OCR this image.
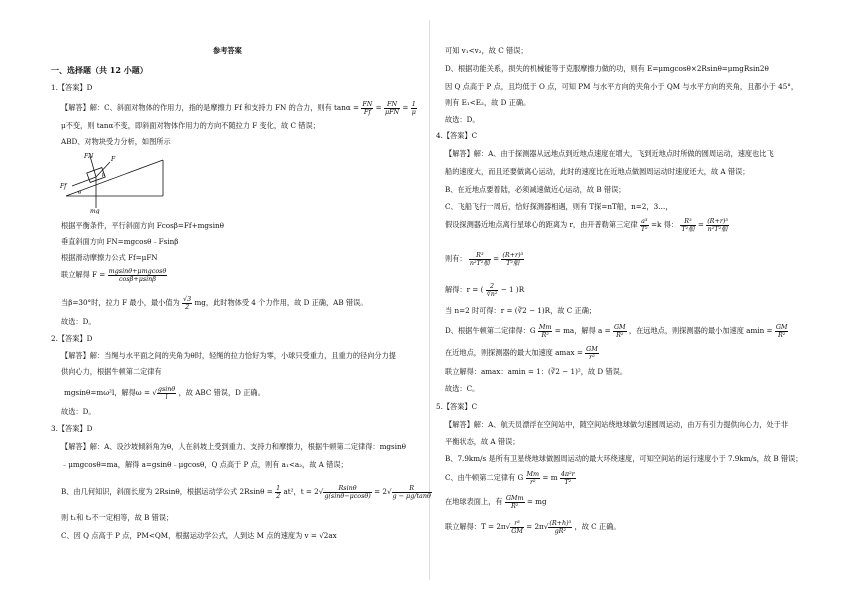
参考答案
一、选择题（共 12 小题）
1.【答案】D
【解答】解：C、斜面对物体的作用力，指的是摩擦力 Ff 和支持力 FN 的合力，则有 $\tan\alpha = \frac{FN}{Ff} = \frac{FN}{\text{μFN}} = \frac{1}{\mu}$
μ不变，则 tanα不变，即斜面对物体作用力的方向不随拉力 F 变化，故 C 错误；
ABD、对物块受力分析，如图所示
FN	F
Ff
β
θ
mg
根据平衡条件，平行斜面方向 Fcosβ=Ff+mgsinθ
垂直斜面方向 FN=mgcosθ﹣Fsinβ
根据滑动摩擦力公式 Ff=μFN
联立解得 $F = \frac{\text{mgsinθ+μmgcosθ}}{\cos\beta+\mu\sin\beta}$
当β=30°时，拉力 F 最小，最小值为 $\frac{√3}{2}$ mg，此时物体受 4 个力作用，故 D 正确，AB 错误。
故选：D。
2.【答案】D
【解答】解：当绳与水平面之间的夹角为θ时，轻绳的拉力恰好为零，小球只受重力，且重力的径向分力提
供向心力，根据牛顿第二定律有
mgsinθ=mω²l，解得ω = √ $\frac{gsin\theta}{l}$ ，故 ABC 错误，D 正确。
故选：D。
3.【答案】D
【解答】解：A、设沙坡倾斜角为θ，人在斜坡上受到重力、支持力和摩擦力，根据牛顿第二定律得：mgsinθ
﹣μmgcosθ=ma，解得 a=gsinθ﹣μgcosθ，Q 点高于 P 点，则有 a₁<a₂，故 A 错误；
B、由几何知识，斜面长度为 2Rsinθ，根据运动学公式 $2Rsin\theta = \frac{1}{2} at^2$，$t = 2√ \frac{Rsin\theta}{g(\sin\theta-\mu\cos\theta)} = 2√ \frac{R}{g - \mu g/\tan\theta}$
则 t₁和 t₂不一定相等，故 B 错误；
C、因 Q 点高于 P 点，PM<QM，根据运动学公式，人到达 M 点的速度为 v = √2ax
可知 v₁<v₂，故 C 错误；
D、根据功能关系，损失的机械能等于克服摩擦力做的功，则有 E=μmgcosθ×2Rsinθ=μmgRsin2θ
因 Q 点高于 P 点，且均低于 O 点，可知 PM 与水平方向的夹角小于 QM 与水平方向的夹角，且都小于 45°，
则有 E₁<E₂，故 D 正确。
故选：D。
4.【答案】C
【解答】解：A、由于探测器从远地点到近地点速度在增大，飞到近地点时所做的圆周运动，速度也比飞
船的速度大，而且还要做离心运动，此时的速度比在近地点做圆周运动时速度还大，故 A 错误；
B、在近地点要着陆，必须减速做近心运动，故 B 错误；
C、飞船飞行一周后，恰好探测器相遇，则有 T探=nT船，n=2，3…，
假设探测器近地点离行星球心的距离为 r，由开普勒第三定律 $\frac{\text{a³}}{\text{T²}} =k$ 得： $\frac{\text{R³}}{\text{T²船}} = \frac{\text{(R+r)³}}{\text{n²T²船}}$
则有： $\frac{\text{R³}}{\text{n²T²船}} = \frac{\text{(R+r)³}}{\text{T²船}}$
解得：r = ( $\frac{2}{\text{∛n²}} - 1$ )R
当 n=2 时可得：r = (∛2 − 1)R，故 C 正确；
D、根据牛顿第二定律得：G $\frac{Mm}{\text{R²}}$ = ma，解得 $a = \frac{GM}{\text{R²}}$ ，在远地点，则探测器的最小加速度 $amin = \frac{GM}{\text{R²}}$
在近地点，则探测器的最大加速度 $amax = \frac{GM}{\text{r²}}$
联立解得：amax：amin = 1：(∛2 − 1)²，故 D 错误。
故选：C。
5.【答案】C
【解答】解：A、航天员漂浮在空间站中，随空间站绕地球做匀速圆周运动，由万有引力提供向心力，处于非
平衡状态，故 A 错误；
B、7.9km/s 是所有卫星绕地球做圆周运动的最大环绕速度，可知空间站的运行速度小于 7.9km/s，故 B 错误；
C、由牛顿第二定律有 G $\frac{Mm}{\text{r²}} = m \frac{\text{4π²r}}{\text{T²}}$
在地球表面上，有 $\frac{\text{GMm}}{\text{R²}}$ = mg
联立解得：$T = 2\pi√ \frac{\text{r³}}{GM} = 2\pi√ \frac{\text{(R+h)³}}{\text{gR²}}$ ，故 C 正确。
